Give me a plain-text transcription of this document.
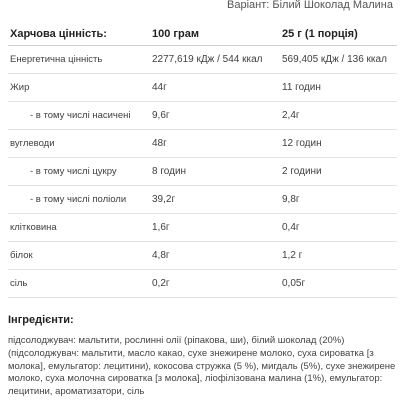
Варіант: Білий Шоколад Малина
Харчова цінність:	100 грам	25 г (1 порція)
Енергетична цінність	2277,619 кДж / 544 ккал	569,405 кДж / 136 ккал
Жир	44г	11 годин
- в тому числі насичені	9,6г	2,4г
вуглеводи	48г	12 годин
- в тому числі цукру	8 годин	2 години
- в тому числі поліоли	39,2г	9,8г
клітковина	1,6г	0,4г
білок	4,8г	1,2 г
сіль	0,2г	0,05г
Інгредієнти:
підсолоджувач: мальтити, рослинні олії (ріпакова, ши), білий шоколад (20%)
(підсолоджувач: мальтити, масло какао, сухе знежирене молоко, суха сироватка [з
молока], емульгатор: лецитини), кокосова стружка (5 %), мигдаль (5%), сухе знежирене
молоко, суха молочна сироватка [з молока], ліофілізована малина (1%), емульгатор:
лецитини, ароматизатори, сіль
